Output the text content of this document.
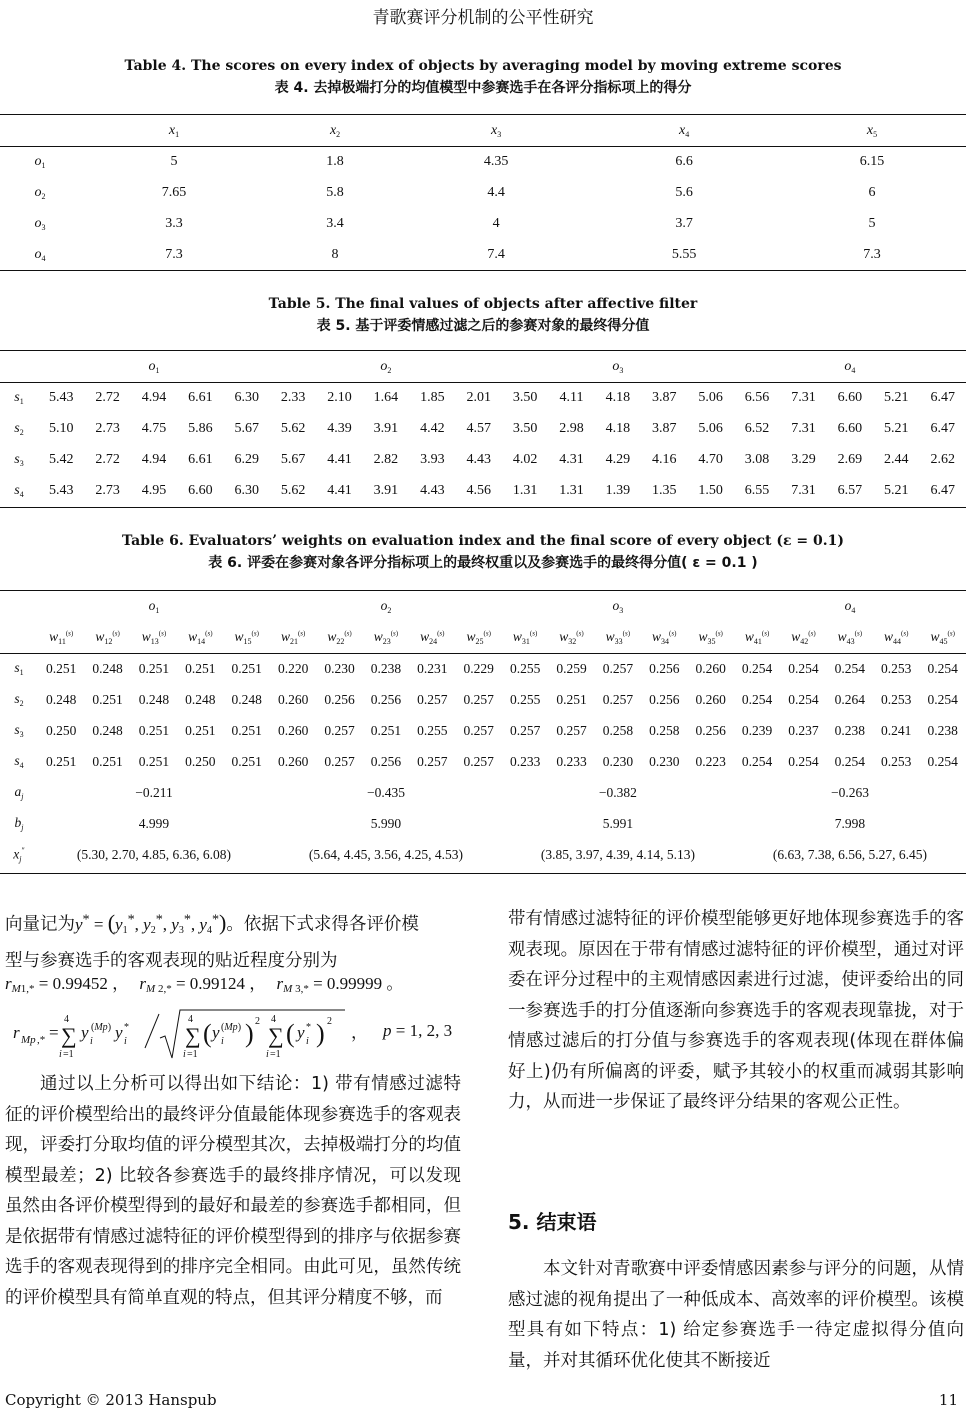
青歌赛评分机制的公平性研究
Table 4. The scores on every index of objects by averaging model by moving extreme scores
表 4. 去掉极端打分的均值模型中参赛选手在各评分指标项上的得分
	$x_1$	$x_2$	$x_3$	$x_4$	$x_5$
$o_1$	5	1.8	4.35	6.6	6.15
$o_2$	7.65	5.8	4.4	5.6	6
$o_3$	3.3	3.4	4	3.7	5
$o_4$	7.3	8	7.4	5.55	7.3
Table 5. The final values of objects after affective filter
表 5. 基于评委情感过滤之后的参赛对象的最终得分值
	$o_1$					$o_2$					$o_3$					$o_4$
$s_1$	5.43	2.72	4.94	6.61	6.30	2.33	2.10	1.64	1.85	2.01	3.50	4.11	4.18	3.87	5.06	6.56	7.31	6.60	5.21	6.47
$s_2$	5.10	2.73	4.75	5.86	5.67	5.62	4.39	3.91	4.42	4.57	3.50	2.98	4.18	3.87	5.06	6.52	7.31	6.60	5.21	6.47
$s_3$	5.42	2.72	4.94	6.61	6.29	5.67	4.41	2.82	3.93	4.43	4.02	4.31	4.29	4.16	4.70	3.08	3.29	2.69	2.44	2.62
$s_4$	5.43	2.73	4.95	6.60	6.30	5.62	4.41	3.91	4.43	4.56	1.31	1.31	1.39	1.35	1.50	6.55	7.31	6.57	5.21	6.47
Table 6. Evaluators’ weights on evaluation index and the final score of every object (ε = 0.1)
表 6. 评委在参赛对象各评分指标项上的最终权重以及参赛选手的最终得分值( ε = 0.1 )
	$o_1$					$o_2$					$o_3$					$o_4$
	$w_{11}^{(s)}$	$w_{12}^{(s)}$	$w_{13}^{(s)}$	$w_{14}^{(s)}$	$w_{15}^{(s)}$	$w_{21}^{(s)}$	$w_{22}^{(s)}$	$w_{23}^{(s)}$	$w_{24}^{(s)}$	$w_{25}^{(s)}$	$w_{31}^{(s)}$	$w_{32}^{(s)}$	$w_{33}^{(s)}$	$w_{34}^{(s)}$	$w_{35}^{(s)}$	$w_{41}^{(s)}$	$w_{42}^{(s)}$	$w_{43}^{(s)}$	$w_{44}^{(s)}$	$w_{45}^{(s)}$
$s_1$	0.251	0.248	0.251	0.251	0.251	0.220	0.230	0.238	0.231	0.229	0.255	0.259	0.257	0.256	0.260	0.254	0.254	0.254	0.253	0.254
$s_2$	0.248	0.251	0.248	0.248	0.248	0.260	0.256	0.256	0.257	0.257	0.255	0.251	0.257	0.256	0.260	0.254	0.254	0.264	0.253	0.254
$s_3$	0.250	0.248	0.251	0.251	0.251	0.260	0.257	0.251	0.255	0.257	0.257	0.257	0.258	0.258	0.256	0.239	0.237	0.238	0.241	0.238
$s_4$	0.251	0.251	0.251	0.250	0.251	0.260	0.257	0.256	0.257	0.257	0.233	0.233	0.230	0.230	0.223	0.254	0.254	0.254	0.253	0.254
$a_j$	−0.211					−0.435					−0.382					−0.263				
$b_j$	4.999					5.990					5.991					7.998				
$x_j''$	(5.30, 2.70, 4.85, 6.36, 6.08)					(5.64, 4.45, 3.56, 4.25, 4.53)					(3.85, 3.97, 4.39, 4.14, 5.13)					(6.63, 7.38, 6.56, 5.27, 6.45)				
向量记为$y^* = (y_1^*$, $y_2^*$, $y_3^*$, $y_4^*$)。依据下式求得各评价模
型与参赛选手的客观表现的贴近程度分别为
$r_{M1,*} = 0.99452$ ， $r_{M 2,*} = 0.99124$ ， $r_{M 3,*} = 0.99999$ 。
r Mp ,* =
4
∑
i =1
y i
(Mp) y i
*
4
∑
i =1
( y i
(Mp) ) 2 4
∑
i =1
( y i
* ) 2
， p = 1, 2, 3
通过以上分析可以得出如下结论：1) 带有情感过滤特征的评价模型给出的最终评分值最能体现参赛选手的客观表现，评委打分取均值的评分模型其次，去掉极端打分的均值模型最差；2) 比较各参赛选手的最终排序情况，可以发现虽然由各评价模型得到的最好和最差的参赛选手都相同，但是依据带有情感过滤特征的评价模型得到的排序与依据参赛选手的客观表现得到的排序完全相同。由此可见，虽然传统的评价模型具有简单直观的特点，但其评分精度不够，而
带有情感过滤特征的评价模型能够更好地体现参赛选手的客观表现。原因在于带有情感过滤特征的评价模型，通过对评委在评分过程中的主观情感因素进行过滤，使评委给出的同一参赛选手的打分值逐渐向参赛选手的客观表现靠拢，对于情感过滤后的打分值与参赛选手的客观表现(体现在群体偏好上)仍有所偏离的评委，赋予其较小的权重而减弱其影响力，从而进一步保证了最终评分结果的客观公正性。
5. 结束语
本文针对青歌赛中评委情感因素参与评分的问题，从情感过滤的视角提出了一种低成本、高效率的评价模型。该模型具有如下特点：1) 给定参赛选手一待定虚拟得分值向量，并对其循环优化使其不断接近
Copyright © 2013 Hanspub	11
